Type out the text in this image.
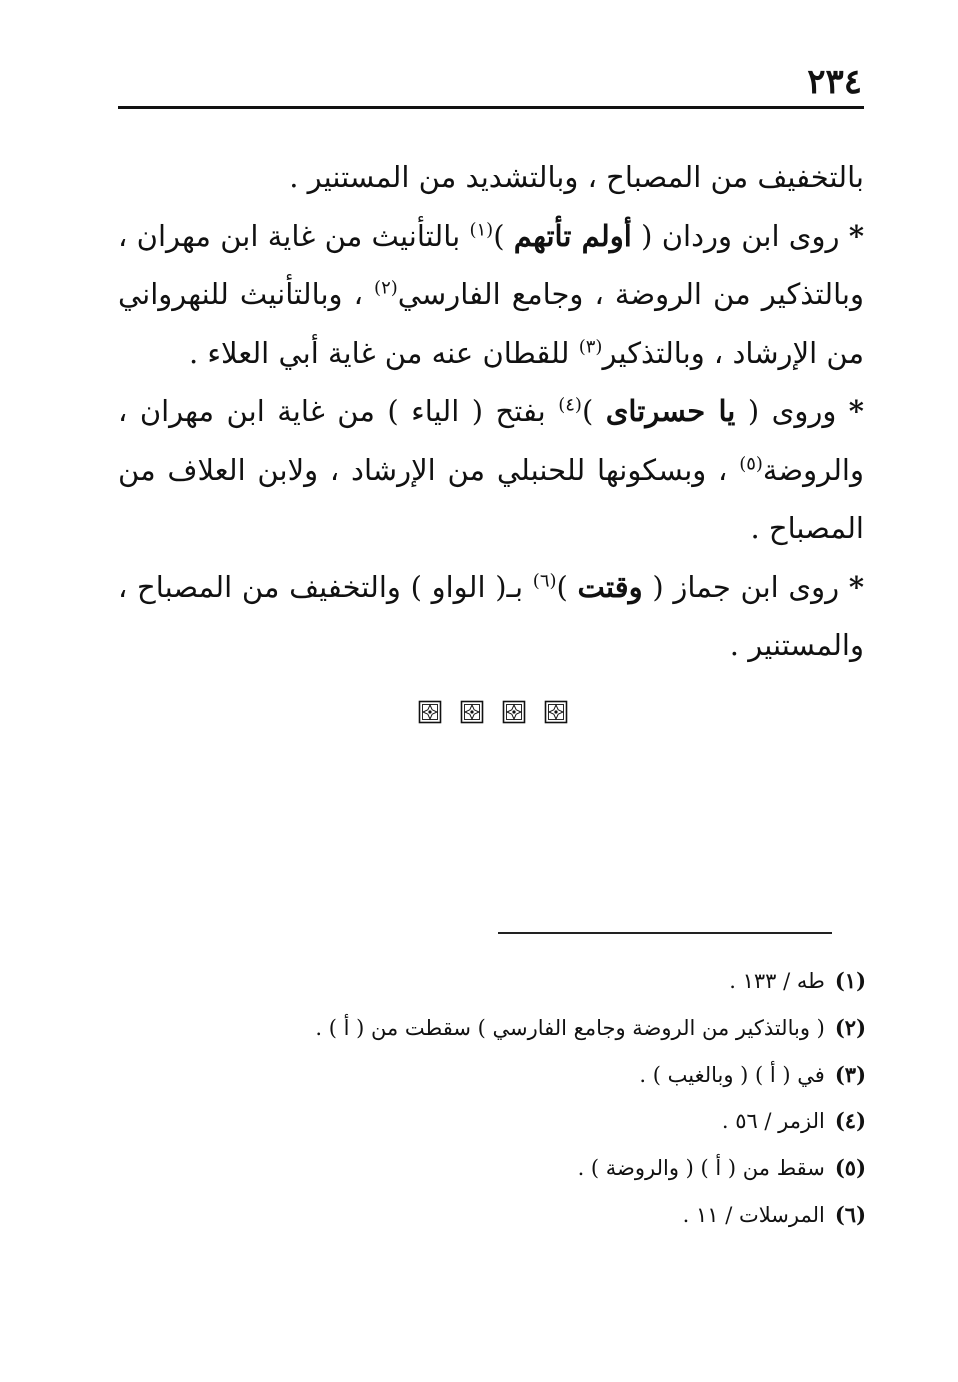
٢٣٤

بالتخفيف من المصباح ، وبالتشديد من المستنير .

* روى ابن وردان ( أولم تأتهم )$^{(١)}$ بالتأنيث من غاية ابن مهران ، وبالتذكير من الروضة ، وجامع الفارسي$^{(٢)}$ ، وبالتأنيث للنهرواني من الإرشاد ، وبالتذكير$^{(٣)}$ للقطان عنه من غاية أبي العلاء .

* وروى ( يا حسرتاى )$^{(٤)}$ بفتح ( الياء ) من غاية ابن مهران ، والروضة$^{(٥)}$ ، وبسكونها للحنبلي من الإرشاد ، ولابن العلاف من المصباح .

* روى ابن جماز ( وقتت )$^{(٦)}$ بـ( الواو ) والتخفيف من المصباح ، والمستنير .

(١)
طه / ١٣٣ .
(٢)
( وبالتذكير من الروضة وجامع الفارسي ) سقطت من ( أ ) .
(٣)
في ( أ ) ( وبالغيب ) .
(٤)
الزمر / ٥٦ .
(٥)
سقط من ( أ ) ( والروضة ) .
(٦)
المرسلات / ١١ .
